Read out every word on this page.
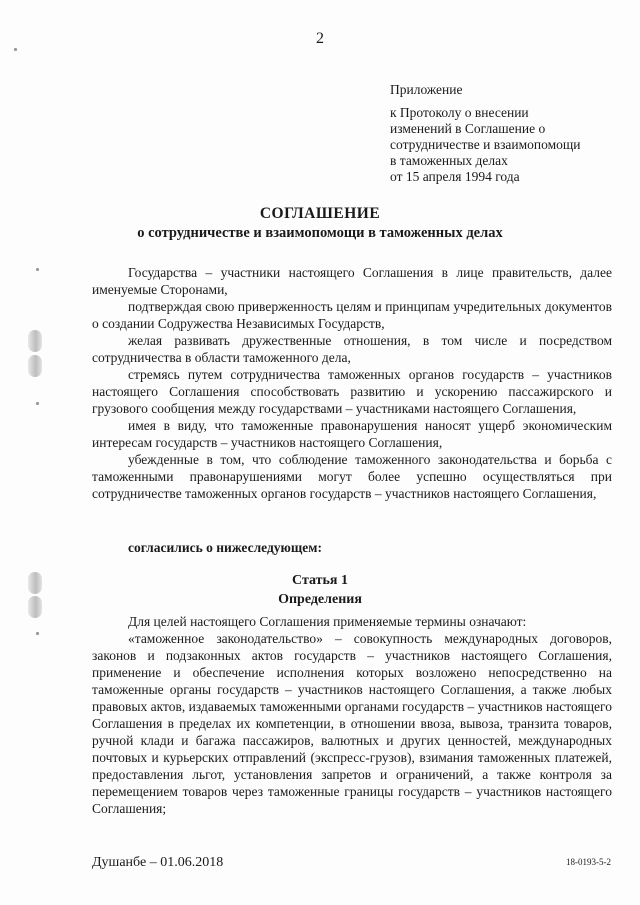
2
Приложение
к Протоколу о внесении
изменений в Соглашение о
сотрудничестве и взаимопомощи
в таможенных делах
от 15 апреля 1994 года
СОГЛАШЕНИЕ
о сотрудничестве и взаимопомощи в таможенных делах

Государства – участники настоящего Соглашения в лице правительств, далее именуемые Сторонами,

подтверждая свою приверженность целям и принципам учредительных документов о создании Содружества Независимых Государств,

желая развивать дружественные отношения, в том числе и посредством сотрудничества в области таможенного дела,

стремясь путем сотрудничества таможенных органов государств – участников настоящего Соглашения способствовать развитию и ускорению пассажирского и грузового сообщения между государствами – участниками настоящего Соглашения,

имея в виду, что таможенные правонарушения наносят ущерб экономическим интересам государств – участников настоящего Соглашения,

убежденные в том, что соблюдение таможенного законодательства и борьба с таможенными правонарушениями могут более успешно осуществляться при сотрудничестве таможенных органов государств – участников настоящего Соглашения,

согласились о нижеследующем:
Статья 1
Определения

Для целей настоящего Соглашения применяемые термины означают:

«таможенное законодательство» – совокупность международных договоров, законов и подзаконных актов государств – участников настоящего Соглашения, применение и обеспечение исполнения которых возложено непосредственно на таможенные органы государств – участников настоящего Соглашения, а также любых правовых актов, издаваемых таможенными органами государств – участников настоящего Соглашения в пределах их компетенции, в отношении ввоза, вывоза, транзита товаров, ручной клади и багажа пассажиров, валютных и других ценностей, международных почтовых и курьерских отправлений (экспресс-грузов), взимания таможенных платежей, предоставления льгот, установления запретов и ограничений, а также контроля за перемещением товаров через таможенные границы государств – участников настоящего Соглашения;

Душанбе – 01.06.2018	18-0193-5-2
